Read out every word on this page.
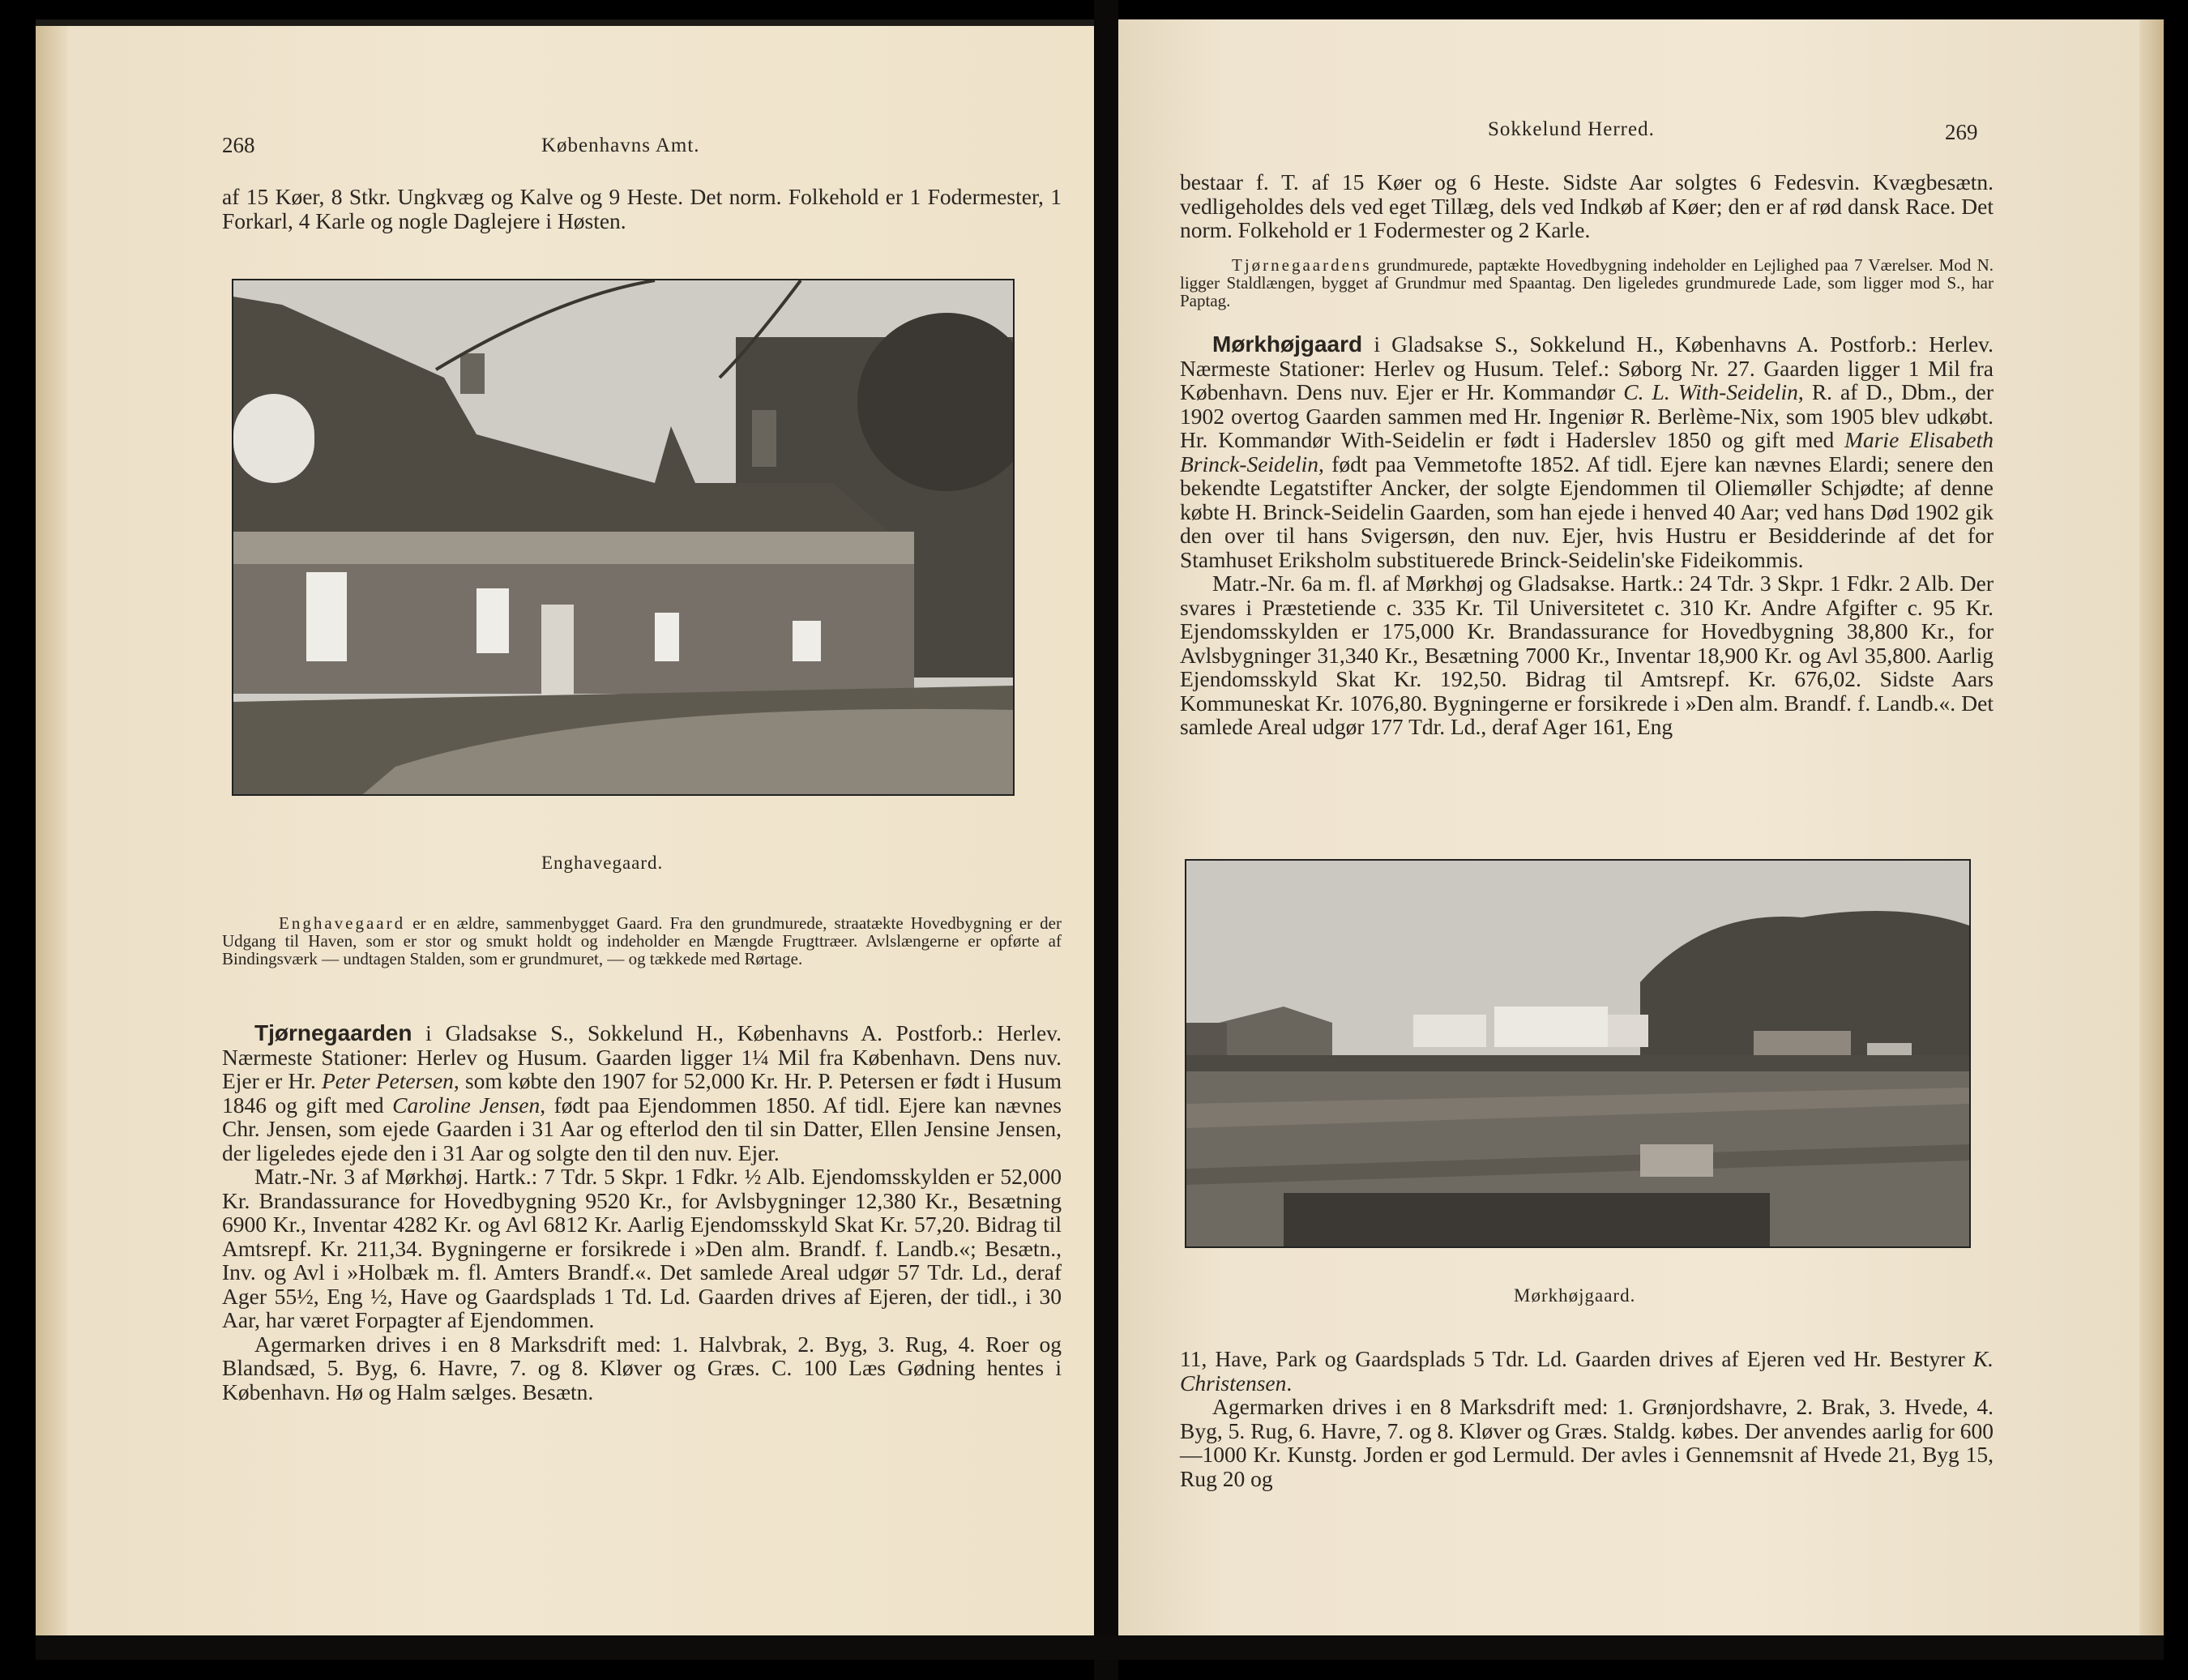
268	Københavns Amt.

af 15 Køer, 8 Stkr. Ungkvæg og Kalve og 9 Heste. Det norm. Folkehold er 1 Fodermester, 1 Forkarl, 4 Karle og nogle Daglejere i Høsten.

Enghavegaard.

Enghavegaard er en ældre, sammenbygget Gaard. Fra den grundmurede, straatækte Hovedbygning er der Udgang til Haven, som er stor og smukt holdt og indeholder en Mængde Frugttræer. Avlslængerne er opførte af Bindingsværk — undtagen Stalden, som er grundmuret, — og tækkede med Rørtage.

Tjørnegaarden i Gladsakse S., Sokkelund H., Københavns A. Postforb.: Herlev. Nærmeste Stationer: Herlev og Husum. Gaarden ligger 1¼ Mil fra København. Dens nuv. Ejer er Hr. Peter Petersen, som købte den 1907 for 52,000 Kr. Hr. P. Petersen er født i Husum 1846 og gift med Caroline Jensen, født paa Ejendommen 1850. Af tidl. Ejere kan nævnes Chr. Jensen, som ejede Gaarden i 31 Aar og efterlod den til sin Datter, Ellen Jensine Jensen, der ligeledes ejede den i 31 Aar og solgte den til den nuv. Ejer.

Matr.-Nr. 3 af Mørkhøj. Hartk.: 7 Tdr. 5 Skpr. 1 Fdkr. ½ Alb. Ejendomsskylden er 52,000 Kr. Brandassurance for Hovedbygning 9520 Kr., for Avlsbygninger 12,380 Kr., Besætning 6900 Kr., Inventar 4282 Kr. og Avl 6812 Kr. Aarlig Ejendomsskyld Skat Kr. 57,20. Bidrag til Amtsrepf. Kr. 211,34. Bygningerne er forsikrede i »Den alm. Brandf. f. Landb.«; Besætn., Inv. og Avl i »Holbæk m. fl. Amters Brandf.«. Det samlede Areal udgør 57 Tdr. Ld., deraf Ager 55½, Eng ½, Have og Gaardsplads 1 Td. Ld. Gaarden drives af Ejeren, der tidl., i 30 Aar, har været Forpagter af Ejendommen.

Agermarken drives i en 8 Marksdrift med: 1. Halvbrak, 2. Byg, 3. Rug, 4. Roer og Blandsæd, 5. Byg, 6. Havre, 7. og 8. Kløver og Græs. C. 100 Læs Gødning hentes i København. Hø og Halm sælges. Besætn.

Sokkelund Herred.	269

bestaar f. T. af 15 Køer og 6 Heste. Sidste Aar solgtes 6 Fedesvin. Kvægbesætn. vedligeholdes dels ved eget Tillæg, dels ved Indkøb af Køer; den er af rød dansk Race. Det norm. Folkehold er 1 Fodermester og 2 Karle.

Tjørnegaardens grundmurede, paptækte Hovedbygning indeholder en Lejlighed paa 7 Værelser. Mod N. ligger Staldlængen, bygget af Grundmur med Spaantag. Den ligeledes grundmurede Lade, som ligger mod S., har Paptag.

Mørkhøjgaard i Gladsakse S., Sokkelund H., Københavns A. Postforb.: Herlev. Nærmeste Stationer: Herlev og Husum. Telef.: Søborg Nr. 27. Gaarden ligger 1 Mil fra København. Dens nuv. Ejer er Hr. Kommandør C. L. With-Seidelin, R. af D., Dbm., der 1902 overtog Gaarden sammen med Hr. Ingeniør R. Berlème-Nix, som 1905 blev udkøbt. Hr. Kommandør With-Seidelin er født i Haderslev 1850 og gift med Marie Elisabeth Brinck-Seidelin, født paa Vemmetofte 1852. Af tidl. Ejere kan nævnes Elardi; senere den bekendte Legatstifter Ancker, der solgte Ejendommen til Oliemøller Schjødte; af denne købte H. Brinck-Seidelin Gaarden, som han ejede i henved 40 Aar; ved hans Død 1902 gik den over til hans Svigersøn, den nuv. Ejer, hvis Hustru er Besidderinde af det for Stamhuset Eriksholm substituerede Brinck-Seidelin'ske Fideikommis.

Matr.-Nr. 6a m. fl. af Mørkhøj og Gladsakse. Hartk.: 24 Tdr. 3 Skpr. 1 Fdkr. 2 Alb. Der svares i Præstetiende c. 335 Kr. Til Universitetet c. 310 Kr. Andre Afgifter c. 95 Kr. Ejendomsskylden er 175,000 Kr. Brandassurance for Hovedbygning 38,800 Kr., for Avlsbygninger 31,340 Kr., Besætning 7000 Kr., Inventar 18,900 Kr. og Avl 35,800. Aarlig Ejendomsskyld Skat Kr. 192,50. Bidrag til Amtsrepf. Kr. 676,02. Sidste Aars Kommuneskat Kr. 1076,80. Bygningerne er forsikrede i »Den alm. Brandf. f. Landb.«. Det samlede Areal udgør 177 Tdr. Ld., deraf Ager 161, Eng

Mørkhøjgaard.

11, Have, Park og Gaardsplads 5 Tdr. Ld. Gaarden drives af Ejeren ved Hr. Bestyrer K. Christensen.

Agermarken drives i en 8 Marksdrift med: 1. Grønjordshavre, 2. Brak, 3. Hvede, 4. Byg, 5. Rug, 6. Havre, 7. og 8. Kløver og Græs. Staldg. købes. Der anvendes aarlig for 600—1000 Kr. Kunstg. Jorden er god Lermuld. Der avles i Gennemsnit af Hvede 21, Byg 15, Rug 20 og
